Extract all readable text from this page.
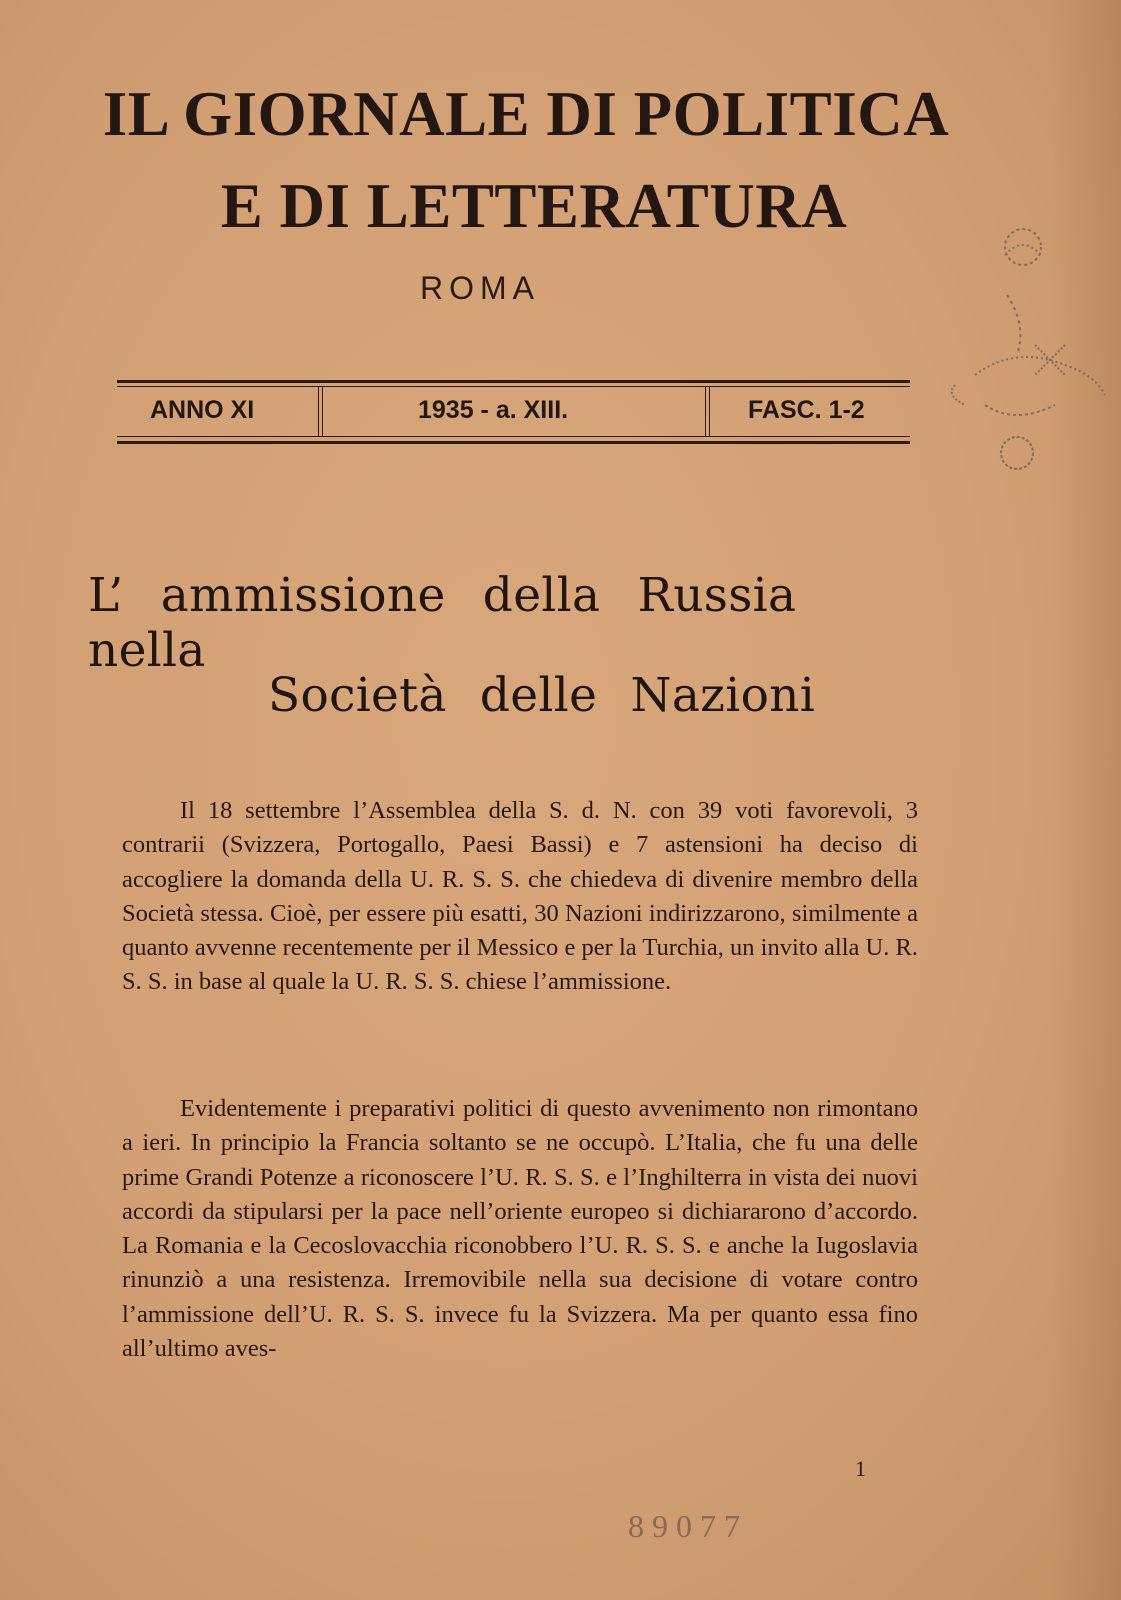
IL GIORNALE DI POLITICA
E DI LETTERATURA
ROMA
ANNO XI	1935 - a. XIII.	FASC. 1-2
L’ ammissione della Russia nella
Società delle Nazioni
Il 18 settembre l’Assemblea della S. d. N. con 39 voti favorevoli, 3 contrarii (Svizzera, Portogallo, Paesi Bassi) e 7 astensioni ha deciso di accogliere la domanda della U. R. S. S. che chiedeva di divenire membro della Società stessa. Cioè, per essere più esatti, 30 Nazioni indirizzarono, similmente a quanto avvenne recentemente per il Messico e per la Turchia, un invito alla U. R. S. S. in base al quale la U. R. S. S. chiese l’ammissione.
Evidentemente i preparativi politici di questo avvenimento non rimontano a ieri. In principio la Francia soltanto se ne occupò. L’Italia, che fu una delle prime Grandi Potenze a riconoscere l’U. R. S. S. e l’Inghilterra in vista dei nuovi accordi da stipularsi per la pace nell’oriente europeo si dichiararono d’accordo. La Romania e la Cecoslovacchia riconobbero l’U. R. S. S. e anche la Iugoslavia rinunziò a una resistenza. Irremovibile nella sua decisione di votare contro l’ammissione dell’U. R. S. S. invece fu la Svizzera. Ma per quanto essa fino all’ultimo aves-
1
89077
